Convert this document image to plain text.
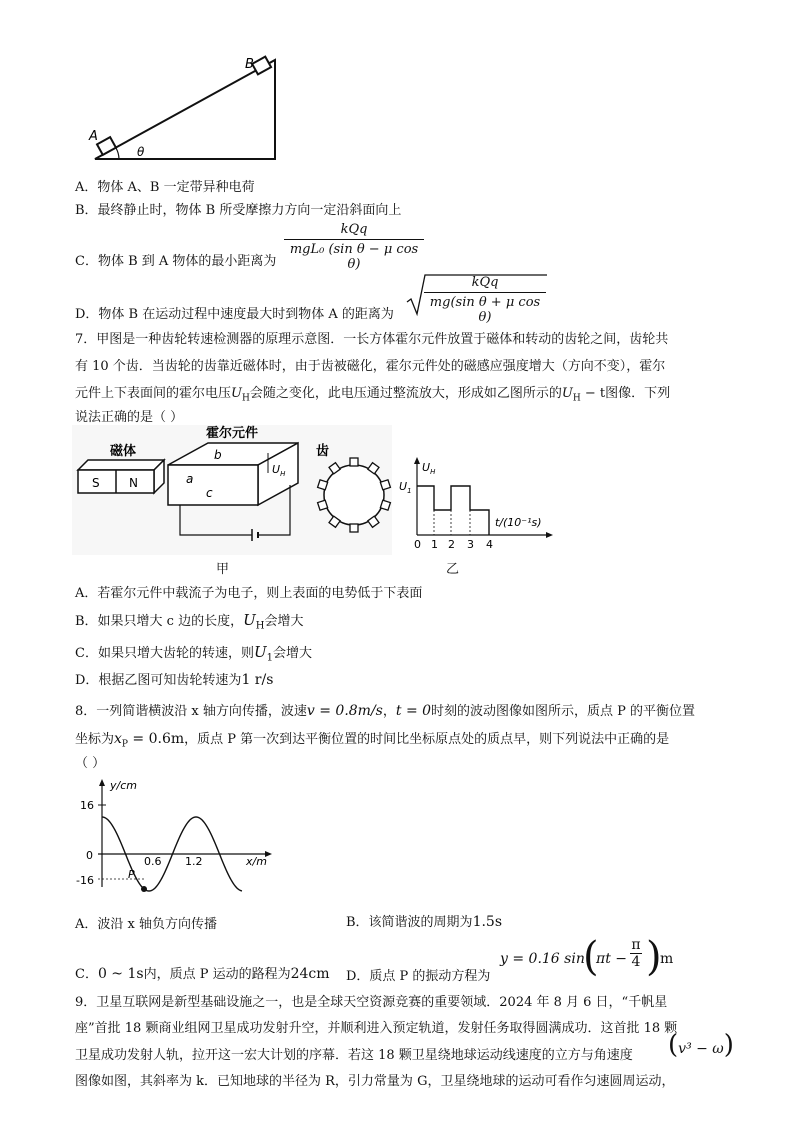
A
B
θ
A．物体 A、B 一定带异种电荷
B．最终静止时，物体 B 所受摩擦力方向一定沿斜面向上
C．物体 B 到 A 物体的最小距离为
kQq
mgL₀ (sin θ − μ cos θ)
D．物体 B 在运动过程中速度最大时到物体 A 的距离为
kQq
mg(sin θ + μ cos θ)
7．甲图是一种齿轮转速检测器的原理示意图．一长方体霍尔元件放置于磁体和转动的齿轮之间，齿轮共
有 10 个齿．当齿轮的齿靠近磁体时，由于齿被磁化，霍尔元件处的磁感应强度增大（方向不变），霍尔
元件上下表面间的霍尔电压$U_H$会随之变化，此电压通过整流放大，形成如乙图所示的$U_H - t$图像．下列
说法正确的是（ ）
磁体
S N
霍尔元件
a
b
c
$U_H$
齿
$U_H$
$U_1$
t/(10⁻¹s)
0 1 2 3 4
甲	乙
A．若霍尔元件中载流子为电子，则上表面的电势低于下表面
B．如果只增大 c 边的长度，$U_H$会增大
C．如果只增大齿轮的转速，则$U_1$会增大
D．根据乙图可知齿轮转速为1 r/s
8．一列简谐横波沿 x 轴方向传播，波速v = 0.8m/s，t = 0时刻的波动图像如图所示，质点 P 的平衡位置
坐标为$x_P = 0.6m$，质点 P 第一次到达平衡位置的时间比坐标原点处的质点早，则下列说法中正确的是
（ ）
y/cm
x/m
16
-16
0	0.6 1.2
P
A．波沿 x 轴负方向传播	B．该简谐波的周期为1.5s
C．0 ~ 1s内，质点 P 运动的路程为24cm D．质点 P 的振动方程为
y = 0.16 sin
(
πt −
π
4 )
m
9．卫星互联网是新型基础设施之一，也是全球天空资源竞赛的重要领域．2024 年 8 月 6 日，“千帆星
座”首批 18 颗商业组网卫星成功发射升空，并顺利进入预定轨道，发射任务取得圆满成功．这首批 18 颗
卫星成功发射人轨，拉开这一宏大计划的序幕．若这 18 颗卫星绕地球运动线速度的立方与角速度 (v³ − ω)
图像如图，其斜率为 k．已知地球的半径为 R，引力常量为 G，卫星绕地球的运动可看作匀速圆周运动，
